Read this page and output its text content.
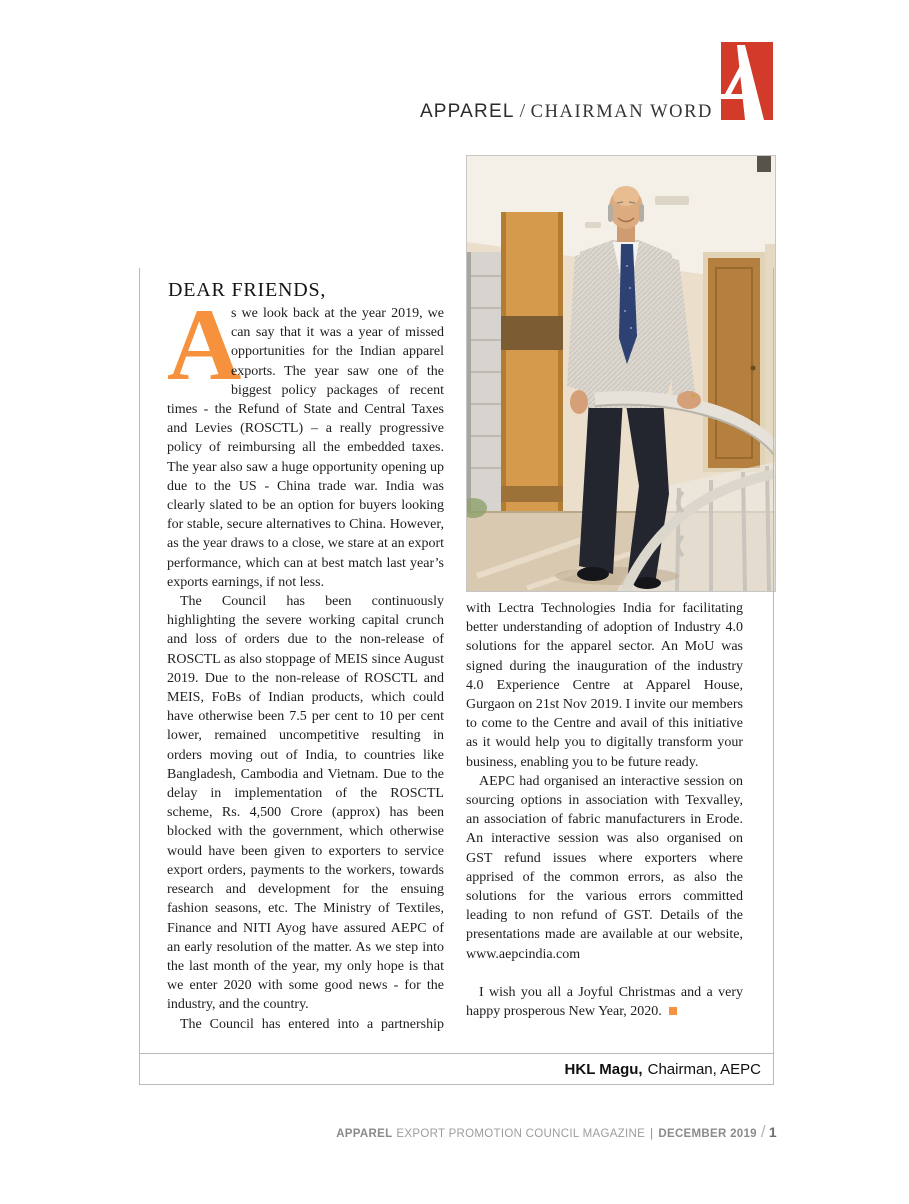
APPAREL / CHAIRMAN WORD
DEAR FRIENDS,

A
s we look back at the year 2019, we can say that it was a year of missed opportunities for the Indian apparel exports. The year saw one of the biggest policy packages of recent times - the Refund of State and Central Taxes and Levies (ROSCTL) – a really progressive policy of reimbursing all the embedded taxes. The year also saw a huge opportunity opening up due to the US - China trade war. India was clearly slated to be an option for buyers looking for stable, secure alternatives to China. However, as the year draws to a close, we stare at an export performance, which can at best match last year’s exports earnings, if not less.

The Council has been continuously highlighting the severe working capital crunch and loss of orders due to the non-release of ROSCTL as also stoppage of MEIS since August 2019. Due to the non-release of ROSCTL and MEIS, FoBs of Indian products, which could have otherwise been 7.5 per cent to 10 per cent lower, remained uncompetitive resulting in orders moving out of India, to countries like Bangladesh, Cambodia and Vietnam. Due to the delay in implementation of the ROSCTL scheme, Rs. 4,500 Crore (approx) has been blocked with the government, which otherwise would have been given to exporters to service export orders, payments to the workers, towards research and development for the ensuing fashion seasons, etc. The Ministry of Textiles, Finance and NITI Ayog have assured AEPC of an early resolution of the matter. As we step into the last month of the year, my only hope is that we enter 2020 with some good news - for the industry, and the country.

The Council has entered into a partnership

with Lectra Technologies India for facilitating better understanding of adoption of Industry 4.0 solutions for the apparel sector. An MoU was signed during the inauguration of the industry 4.0 Experience Centre at Apparel House, Gurgaon on 21st Nov 2019. I invite our members to come to the Centre and avail of this initiative as it would help you to digitally transform your business, enabling you to be future ready.

AEPC had organised an interactive session on sourcing options in association with Texvalley, an association of fabric manufacturers in Erode. An interactive session was also organised on GST refund issues where exporters where apprised of the common errors, as also the solutions for the various errors committed leading to non refund of GST. Details of the presentations made are available at our website, www.aepcindia.com

I wish you all a Joyful Christmas and a very happy prosperous New Year, 2020.

HKL Magu, Chairman, AEPC
APPAREL EXPORT PROMOTION COUNCIL MAGAZINE | DECEMBER 2019 / 1
